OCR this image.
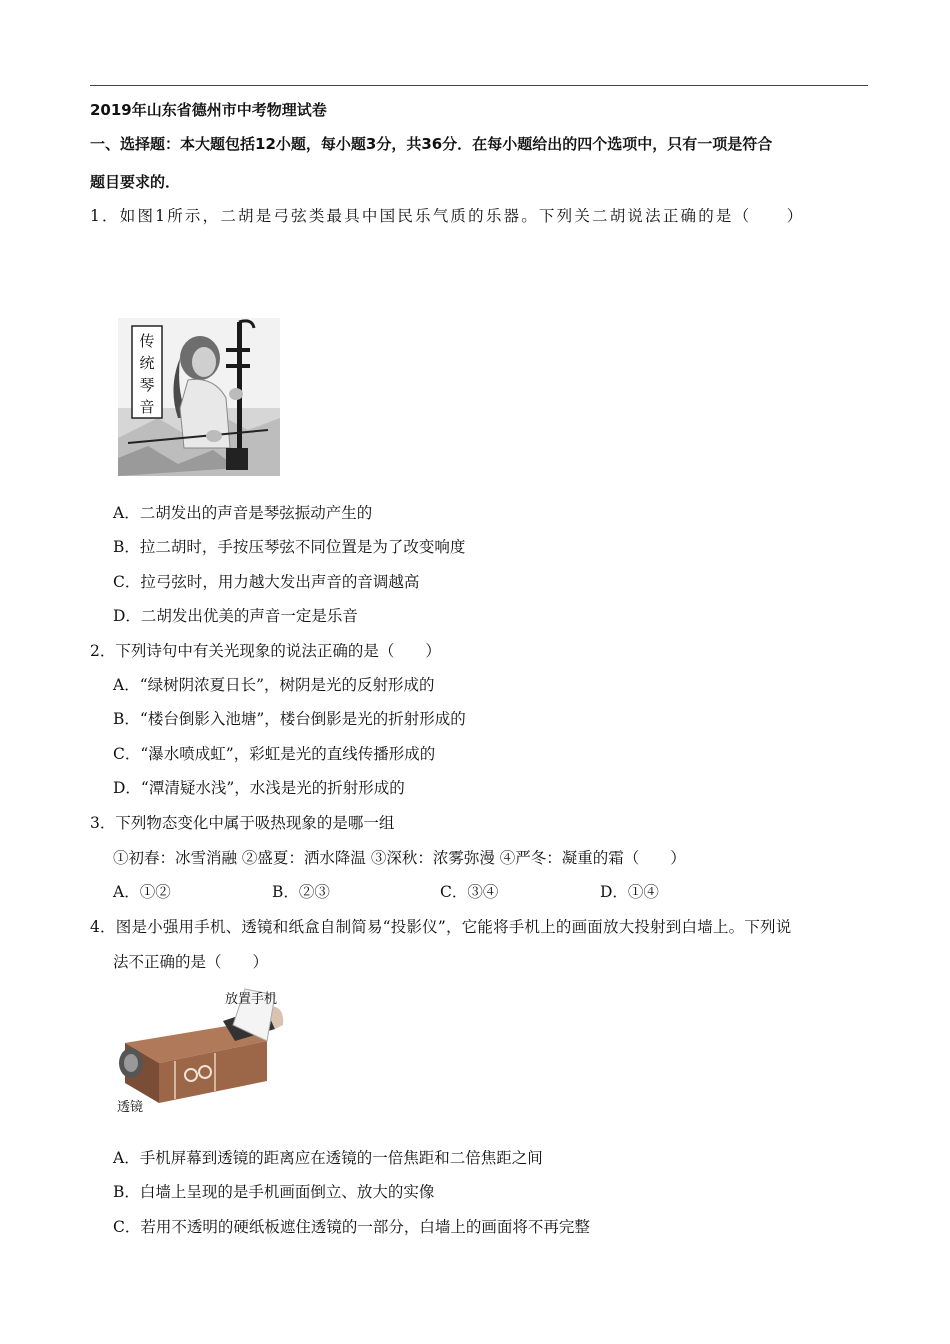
2019年山东省德州市中考物理试卷
一、选择题：本大题包括12小题，每小题3分，共36分．在每小题给出的四个选项中，只有一项是符合
题目要求的．
1．如图1所示，二胡是弓弦类最具中国民乐气质的乐器。下列关二胡说法正确的是（　　）
传
统
琴
音
A．二胡发出的声音是琴弦振动产生的
B．拉二胡时，手按压琴弦不同位置是为了改变响度
C．拉弓弦时，用力越大发出声音的音调越高
D．二胡发出优美的声音一定是乐音
2．下列诗句中有关光现象的说法正确的是（　　）
A．“绿树阴浓夏日长”，树阴是光的反射形成的
B．“楼台倒影入池塘”，楼台倒影是光的折射形成的
C．“瀑水喷成虹”，彩虹是光的直线传播形成的
D．“潭清疑水浅”，水浅是光的折射形成的
3．下列物态变化中属于吸热现象的是哪一组
①初春：冰雪消融 ②盛夏：洒水降温 ③深秋：浓雾弥漫 ④严冬：凝重的霜（　　）
A．①②	B．②③	C．③④	D．①④
4．图是小强用手机、透镜和纸盒自制简易“投影仪”，它能将手机上的画面放大投射到白墙上。下列说
法不正确的是（　　）
放置手机
透镜
A．手机屏幕到透镜的距离应在透镜的一倍焦距和二倍焦距之间
B．白墙上呈现的是手机画面倒立、放大的实像
C．若用不透明的硬纸板遮住透镜的一部分，白墙上的画面将不再完整
